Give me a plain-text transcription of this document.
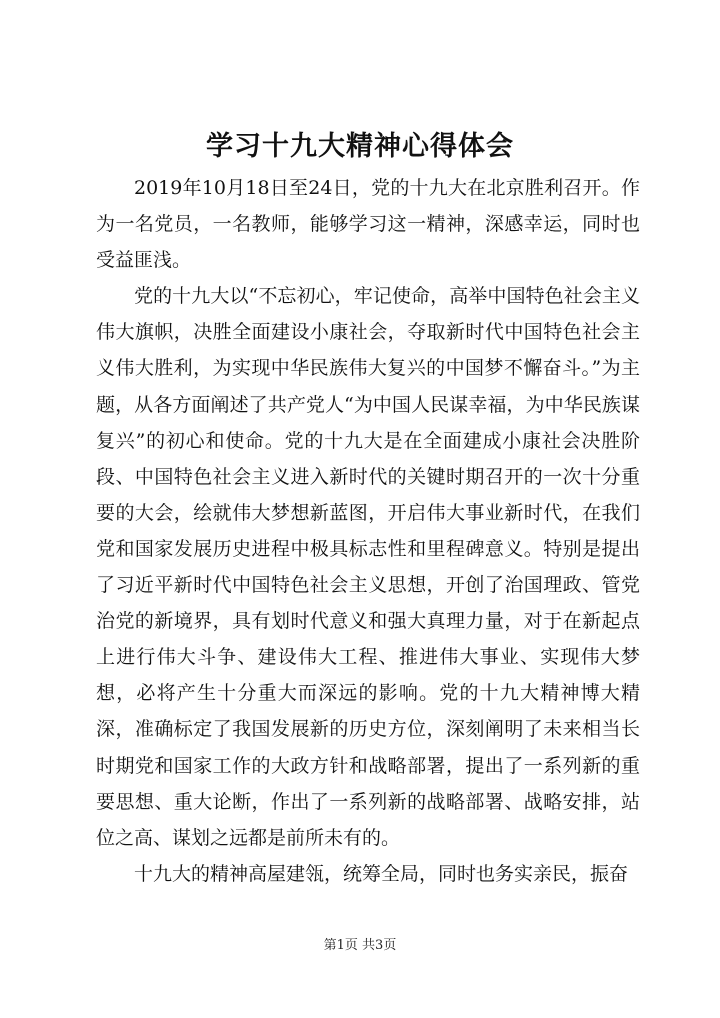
学习十九大精神心得体会

2019年10月18日至24日，党的十九大在北京胜利召开。作为一名党员，一名教师，能够学习这一精神，深感幸运，同时也受益匪浅。

党的十九大以“不忘初心，牢记使命，高举中国特色社会主义伟大旗帜，决胜全面建设小康社会，夺取新时代中国特色社会主义伟大胜利，为实现中华民族伟大复兴的中国梦不懈奋斗。”为主题，从各方面阐述了共产党人“为中国人民谋幸福，为中华民族谋复兴”的初心和使命。党的十九大是在全面建成小康社会决胜阶段、中国特色社会主义进入新时代的关键时期召开的一次十分重要的大会，绘就伟大梦想新蓝图，开启伟大事业新时代，在我们党和国家发展历史进程中极具标志性和里程碑意义。特别是提出了习近平新时代中国特色社会主义思想，开创了治国理政、管党治党的新境界，具有划时代意义和强大真理力量，对于在新起点上进行伟大斗争、建设伟大工程、推进伟大事业、实现伟大梦想，必将产生十分重大而深远的影响。党的十九大精神博大精深，准确标定了我国发展新的历史方位，深刻阐明了未来相当长时期党和国家工作的大政方针和战略部署，提出了一系列新的重要思想、重大论断，作出了一系列新的战略部署、战略安排，站位之高、谋划之远都是前所未有的。

十九大的精神高屋建瓴，统筹全局，同时也务实亲民，振奋

第1页 共3页
